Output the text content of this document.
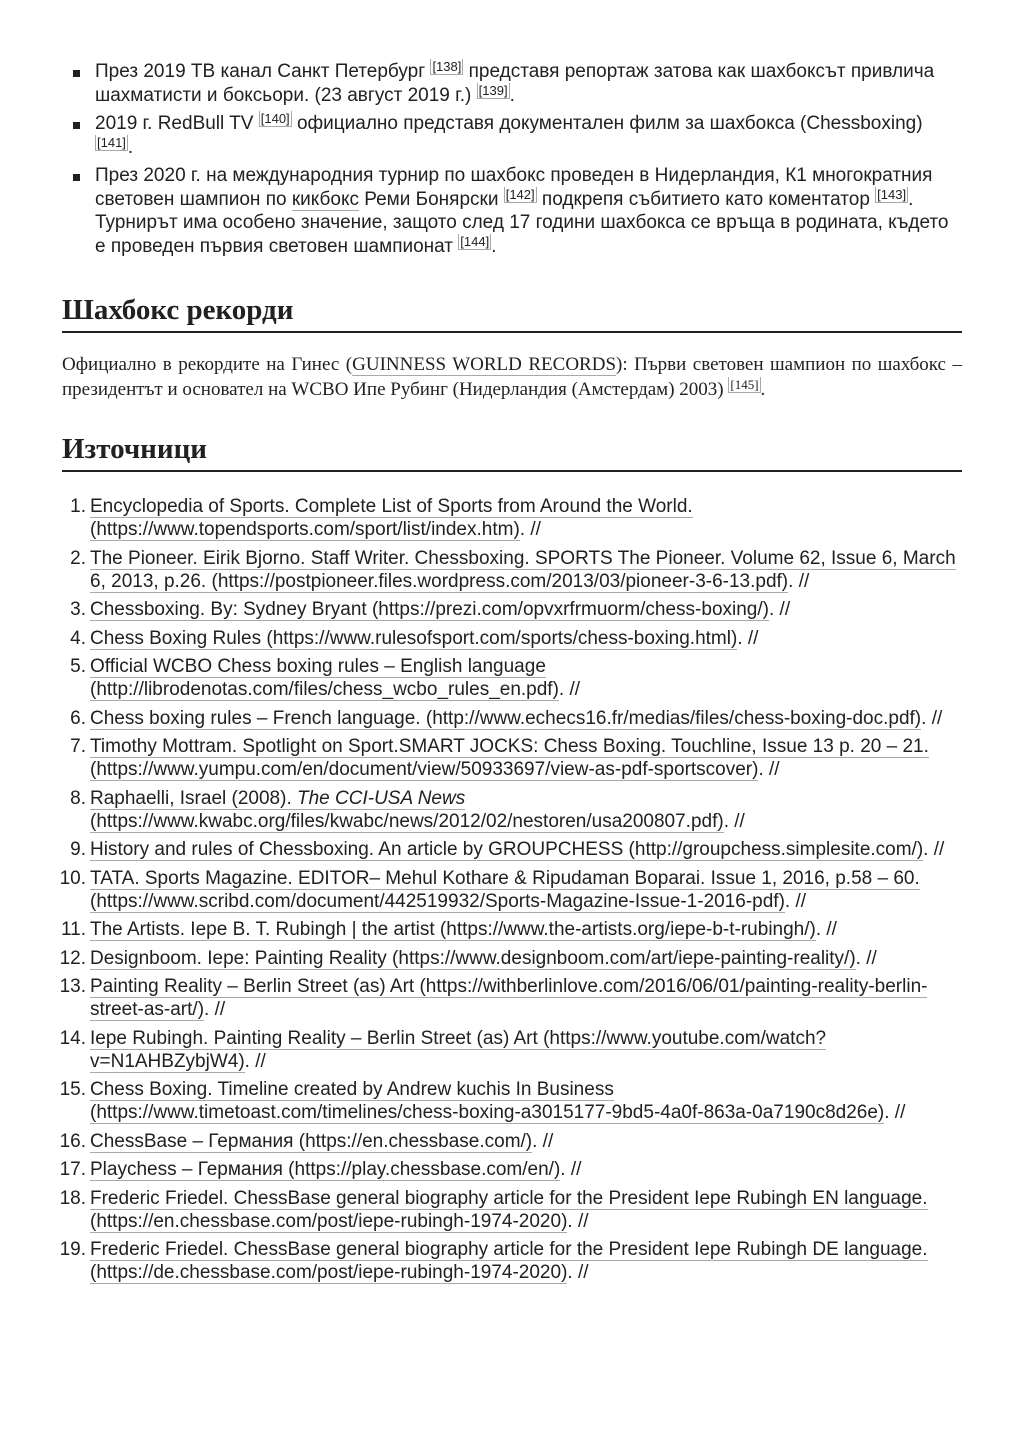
През 2019 ТВ канал Санкт Петербург [138] представя репортаж затова как шахбоксът привлича шахматисти и боксьори. (23 август 2019 г.) [139] .
2019 г. RedBull TV [140] официално представя документален филм за шахбокса (Chessboxing) [141] .
През 2020 г. на международния турнир по шахбокс проведен в Нидерландия, К1 многократния световен шампион по кикбокс Реми Бонярски [142] подкрепя събитието като коментатор [143] . Турнирът има особено значение, защото след 17 години шахбокса се връща в родината, където е проведен първия световен шампионат [144] .
Шахбокс рекорди

Официално в рекордите на Гинес (GUINNESS WORLD RECORDS): Първи световен шампион по шахбокс – президентът и основател на WCBO Ипе Рубинг (Нидерландия (Амстердам) 2003) [145] .

Източници
1. Encyclopedia of Sports. Complete List of Sports from Around the World. (https://www.topendsports.com/sport/list/index.htm). //
2. The Pioneer. Eirik Bjorno. Staff Writer. Chessboxing. SPORTS The Pioneer. Volume 62, Issue 6, March 6, 2013, p.26. (https://postpioneer.files.wordpress.com/2013/03/pioneer-3-6-13.pdf). //
3. Chessboxing. By: Sydney Bryant (https://prezi.com/opvxrfrmuorm/chess-boxing/). //
4. Chess Boxing Rules (https://www.rulesofsport.com/sports/chess-boxing.html). //
5. Official WCBO Chess boxing rules – English language (http://librodenotas.com/files/chess_wcbo_rules_en.pdf). //
6. Chess boxing rules – French language. (http://www.echecs16.fr/medias/files/chess-boxing-doc.pdf). //
7. Timothy Mottram. Spotlight on Sport.SMART JOCKS: Chess Boxing. Touchline, Issue 13 p. 20 – 21. (https://www.yumpu.com/en/document/view/50933697/view-as-pdf-sportscover). //
8. Raphaelli, Israel (2008). The CCI-USA News (https://www.kwabc.org/files/kwabc/news/2012/02/nestoren/usa200807.pdf). //
9. History and rules of Chessboxing. An article by GROUPCHESS (http://groupchess.simplesite.com/). //
10. TATA. Sports Magazine. EDITOR– Mehul Kothare & Ripudaman Boparai. Issue 1, 2016, p.58 – 60. (https://www.scribd.com/document/442519932/Sports-Magazine-Issue-1-2016-pdf). //
11. The Artists. Iepe B. T. Rubingh | the artist (https://www.the-artists.org/iepe-b-t-rubingh/). //
12. Designboom. Iepe: Painting Reality (https://www.designboom.com/art/iepe-painting-reality/). //
13. Painting Reality – Berlin Street (as) Art (https://withberlinlove.com/2016/06/01/painting-reality-berlin-street-as-art/). //
14. Iepe Rubingh. Painting Reality – Berlin Street (as) Art (https://www.youtube.com/watch?v=N1AHBZybjW4). //
15. Chess Boxing. Timeline created by Andrew kuchis In Business (https://www.timetoast.com/timelines/chess-boxing-a3015177-9bd5-4a0f-863a-0a7190c8d26e). //
16. ChessBase – Германия (https://en.chessbase.com/). //
17. Playchess – Германия (https://play.chessbase.com/en/). //
18. Frederic Friedel. ChessBase general biography article for the President Iepe Rubingh EN language. (https://en.chessbase.com/post/iepe-rubingh-1974-2020). //
19. Frederic Friedel. ChessBase general biography article for the President Iepe Rubingh DE language. (https://de.chessbase.com/post/iepe-rubingh-1974-2020). //
